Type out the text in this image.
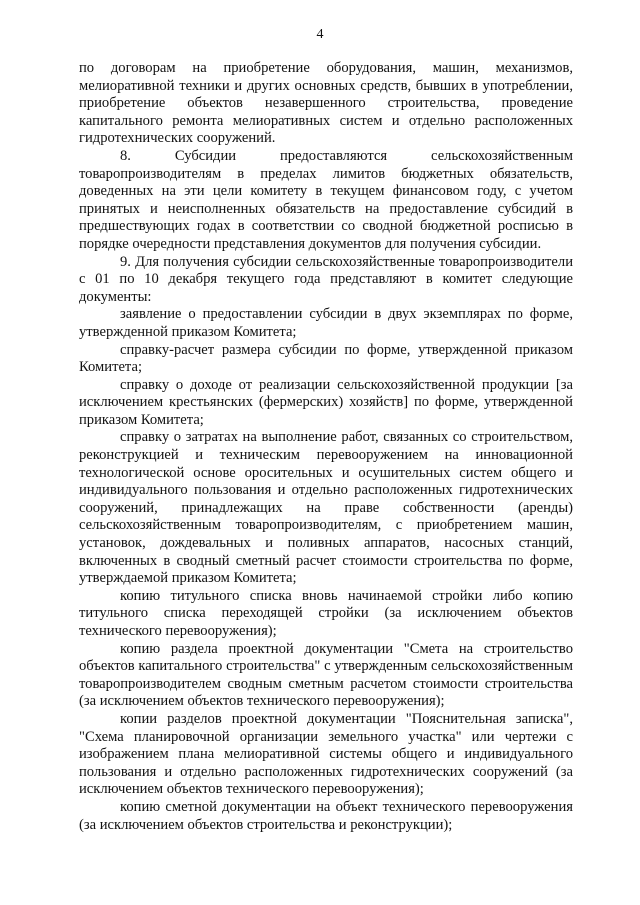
4

по договорам на приобретение оборудования, машин, механизмов, мелиоративной техники и других основных средств, бывших в употреблении, приобретение объектов незавершенного строительства, проведение капитального ремонта мелиоративных систем и отдельно расположенных гидротехнических сооружений.

8. Субсидии предоставляются сельскохозяйственным товаропроизводителям в пределах лимитов бюджетных обязательств, доведенных на эти цели комитету в текущем финансовом году, с учетом принятых и неисполненных обязательств на предоставление субсидий в предшествующих годах в соответствии со сводной бюджетной росписью в порядке очередности представления документов для получения субсидии.

9. Для получения субсидии сельскохозяйственные товаропроизводители с 01 по 10 декабря текущего года представляют в комитет следующие документы:

заявление о предоставлении субсидии в двух экземплярах по форме, утвержденной приказом Комитета;

справку-расчет размера субсидии по форме, утвержденной приказом Комитета;

справку о доходе от реализации сельскохозяйственной продукции [за исключением крестьянских (фермерских) хозяйств] по форме, утвержденной приказом Комитета;

справку о затратах на выполнение работ, связанных со строительством, реконструкцией и техническим перевооружением на инновационной технологической основе оросительных и осушительных систем общего и индивидуального пользования и отдельно расположенных гидротехнических сооружений, принадлежащих на праве собственности (аренды) сельскохозяйственным товаропроизводителям, с приобретением машин, установок, дождевальных и поливных аппаратов, насосных станций, включенных в сводный сметный расчет стоимости строительства по форме, утверждаемой приказом Комитета;

копию титульного списка вновь начинаемой стройки либо копию титульного списка переходящей стройки (за исключением объектов технического перевооружения);

копию раздела проектной документации "Смета на строительство объектов капитального строительства" с утвержденным сельскохозяйственным товаропроизводителем сводным сметным расчетом стоимости строительства (за исключением объектов технического перевооружения);

копии разделов проектной документации "Пояснительная записка", "Схема планировочной организации земельного участка" или чертежи с изображением плана мелиоративной системы общего и индивидуального пользования и отдельно расположенных гидротехнических сооружений (за исключением объектов технического перевооружения);

копию сметной документации на объект технического перевооружения (за исключением объектов строительства и реконструкции);
